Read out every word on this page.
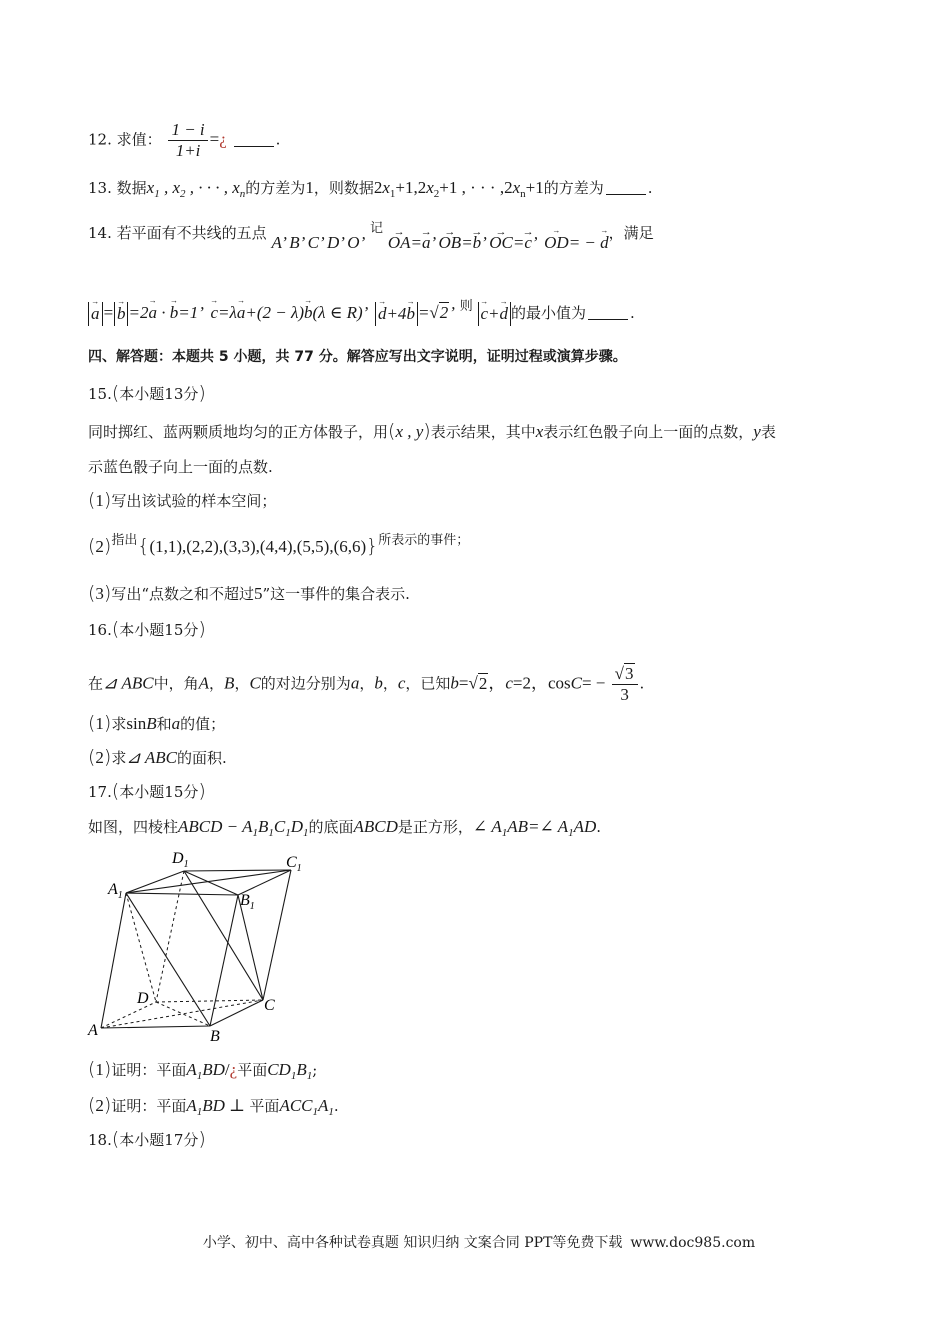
12. 求值： $\frac{1 - i}{1+i}$ =¿	.
13. 数据$x_1$ , $x_2$ , · · · , $x_n$的方差为1，则数据$2x_1+1,2x_2+1$ , · · · $,2x_n+1$的方差为	.
14. 若平面有不共线的五点 A’ B’ C’ D’ O’ 记 → OA=→ a’ → OB=→ b’ → OC=→ c’  → OD= − → d，满足
→ a = → b =2→ a · → b=1’  → c=λ→ a+(2 − λ)→ b(λ ∈ R)’  → d+4→ b =√2’ 则 → c+→ d 的最小值为	.
四、解答题：本题共 5 小题，共 77 分。解答应写出文字说明，证明过程或演算步骤。
15.(本小题13分)
同时掷红、蓝两颗质地均匀的正方体骰子，用(x , y)表示结果，其中x表示红色骰子向上一面的点数，y表
示蓝色骰子向上一面的点数.
(1)写出该试验的样本空间；
(2)指出{(1,1),(2,2),(3,3),(4,4),(5,5),(6,6)}所表示的事件；
(3)写出“点数之和不超过5”这一事件的集合表示.
16.(本小题15分)
在⊿ ABC中，角A，B，C的对边分别为a，b，c，已知b=√2，c=2，$\cos C= - \frac{√3}{3}$ .
(1)求sinB和a的值；
(2)求⊿ ABC的面积.
17.(本小题15分)
如图，四棱柱ABCD − $A_1B_1C_1D_1$的底面ABCD是正方形，∠ $A_1AB=\angle$ $A_1AD$.
$D_1$	$C_1$
$A_1$	$B_1$
D	C
A	B
(1)证明：平面$A_1BD/¿$平面$CD_1B_1$;
(2)证明：平面$A_1BD$ ⊥ 平面$ACC_1A_1$.
18.(本小题17分)
小学、初中、高中各种试卷真题 知识归纳 文案合同 PPT等免费下载 www.doc985.com
